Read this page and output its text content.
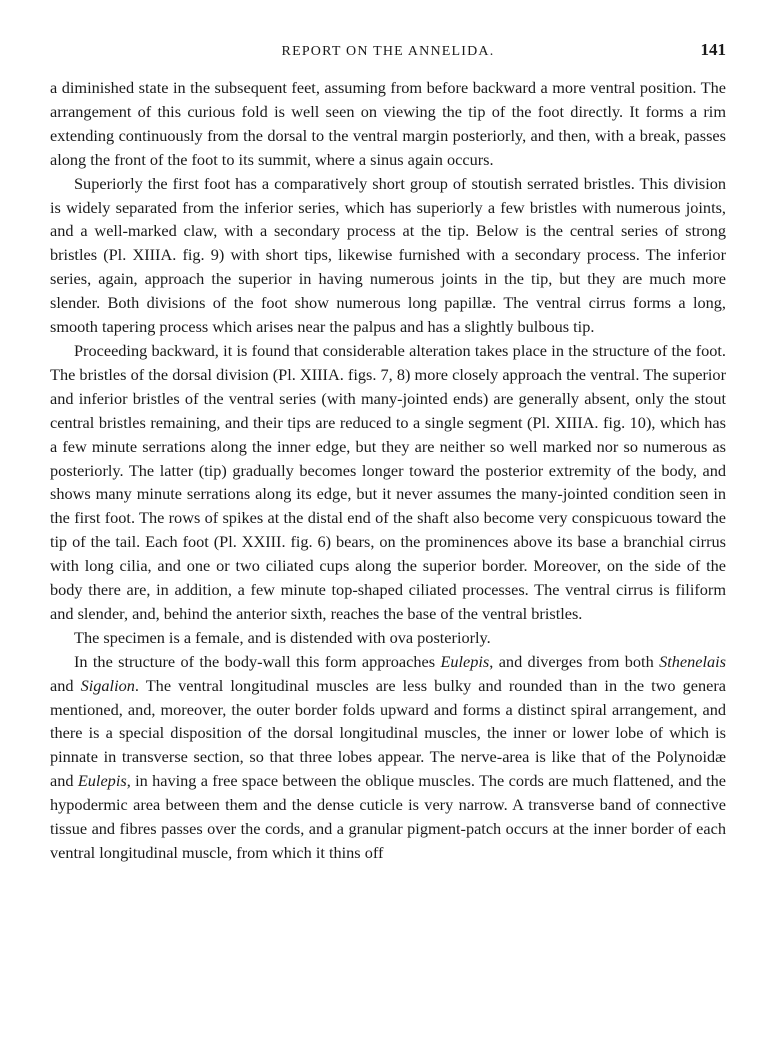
REPORT ON THE ANNELIDA.	141

a diminished state in the subsequent feet, assuming from before backward a more ventral position. The arrangement of this curious fold is well seen on viewing the tip of the foot directly. It forms a rim extending continuously from the dorsal to the ventral margin posteriorly, and then, with a break, passes along the front of the foot to its summit, where a sinus again occurs.

Superiorly the first foot has a comparatively short group of stoutish serrated bristles. This division is widely separated from the inferior series, which has superiorly a few bristles with numerous joints, and a well-marked claw, with a secondary process at the tip. Below is the central series of strong bristles (Pl. XIIIA. fig. 9) with short tips, likewise furnished with a secondary process. The inferior series, again, approach the superior in having numerous joints in the tip, but they are much more slender. Both divisions of the foot show numerous long papillæ. The ventral cirrus forms a long, smooth tapering process which arises near the palpus and has a slightly bulbous tip.

Proceeding backward, it is found that considerable alteration takes place in the structure of the foot. The bristles of the dorsal division (Pl. XIIIA. figs. 7, 8) more closely approach the ventral. The superior and inferior bristles of the ventral series (with many-jointed ends) are generally absent, only the stout central bristles remaining, and their tips are reduced to a single segment (Pl. XIIIA. fig. 10), which has a few minute serrations along the inner edge, but they are neither so well marked nor so numerous as posteriorly. The latter (tip) gradually becomes longer toward the posterior extremity of the body, and shows many minute serrations along its edge, but it never assumes the many-jointed condition seen in the first foot. The rows of spikes at the distal end of the shaft also become very conspicuous toward the tip of the tail. Each foot (Pl. XXIII. fig. 6) bears, on the prominences above its base a branchial cirrus with long cilia, and one or two ciliated cups along the superior border. Moreover, on the side of the body there are, in addition, a few minute top-shaped ciliated processes. The ventral cirrus is filiform and slender, and, behind the anterior sixth, reaches the base of the ventral bristles.

The specimen is a female, and is distended with ova posteriorly.

In the structure of the body-wall this form approaches Eulepis, and diverges from both Sthenelais and Sigalion. The ventral longitudinal muscles are less bulky and rounded than in the two genera mentioned, and, moreover, the outer border folds upward and forms a distinct spiral arrangement, and there is a special disposition of the dorsal longitudinal muscles, the inner or lower lobe of which is pinnate in transverse section, so that three lobes appear. The nerve-area is like that of the Polynoidæ and Eulepis, in having a free space between the oblique muscles. The cords are much flattened, and the hypodermic area between them and the dense cuticle is very narrow. A transverse band of connective tissue and fibres passes over the cords, and a granular pigment-patch occurs at the inner border of each ventral longitudinal muscle, from which it thins off
